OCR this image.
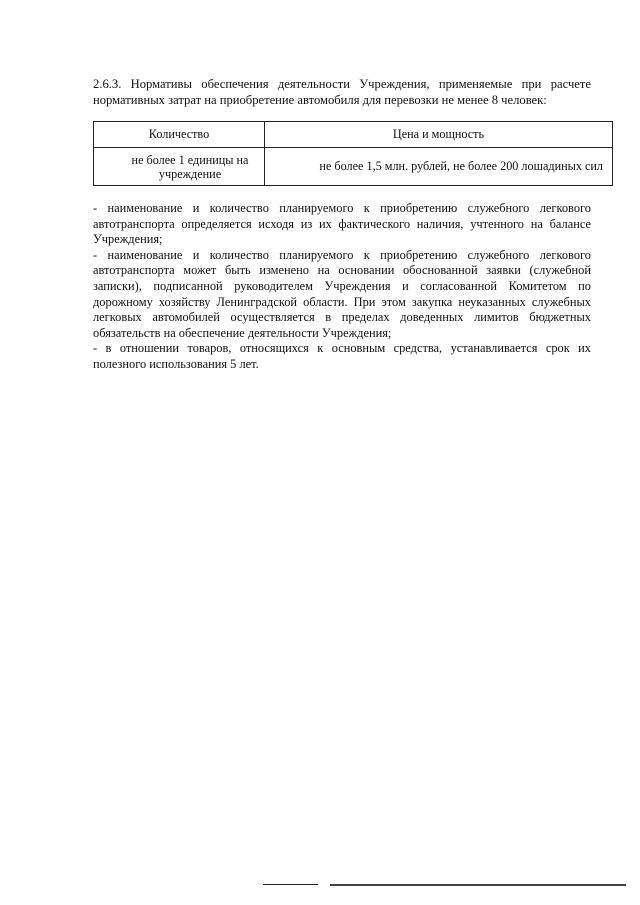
2.6.3. Нормативы обеспечения деятельности Учреждения, применяемые при расчете нормативных затрат на приобретение автомобиля для перевозки не менее 8 человек:
Количество	Цена и мощность
не более 1 единицы на учреждение	не более 1,5 млн. рублей, не более 200 лошадиных сил

- наименование и количество планируемого к приобретению служебного легкового автотранспорта определяется исходя из их фактического наличия, учтенного на балансе Учреждения;

- наименование и количество планируемого к приобретению служебного легкового автотранспорта может быть изменено на основании обоснованной заявки (служебной записки), подписанной руководителем Учреждения и согласованной Комитетом по дорожному хозяйству Ленинградской области. При этом закупка неуказанных служебных легковых автомобилей осуществляется в пределах доведенных лимитов бюджетных обязательств на обеспечение деятельности Учреждения;

- в отношении товаров, относящихся к основным средства, устанавливается срок их полезного использования 5 лет.
